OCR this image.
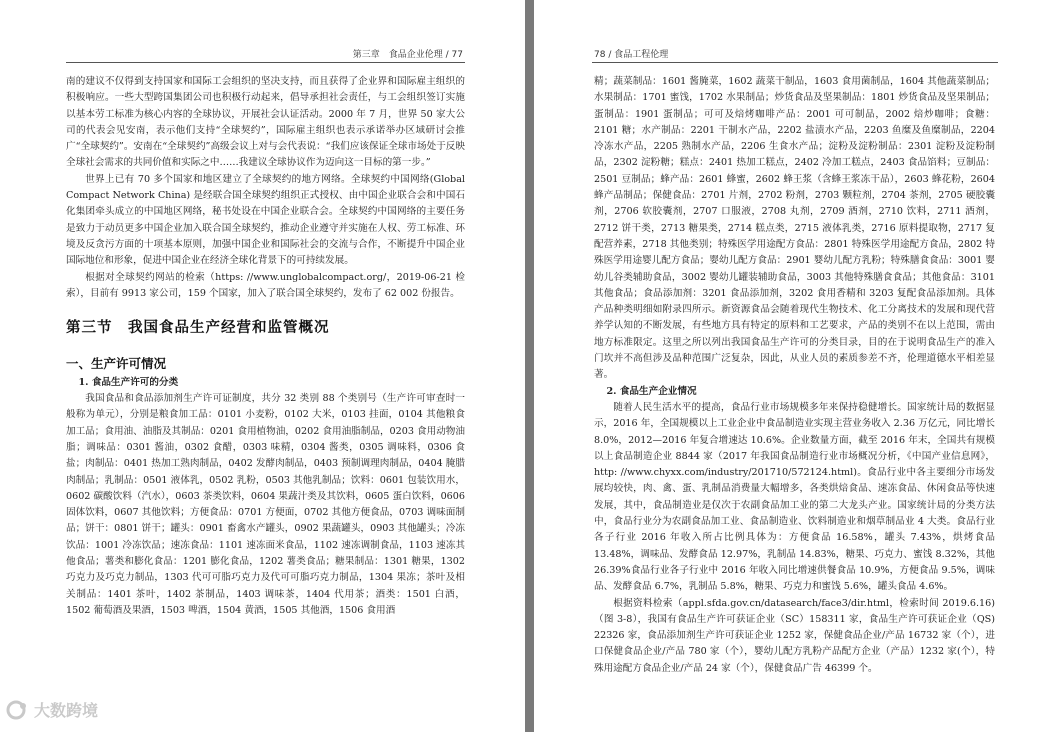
第三章　食品企业伦理 / 77

南的建议不仅得到支持国家和国际工会组织的坚决支持，而且获得了企业界和国际雇主组织的积极响应。一些大型跨国集团公司也积极行动起来，倡导承担社会责任，与工会组织签订实施以基本劳工标准为核心内容的全球协议，开展社会认证活动。2000 年 7 月，世界 50 家大公司的代表会见安南，表示他们支持“全球契约”，国际雇主组织也表示承诺举办区域研讨会推广“全球契约”。安南在“全球契约”高级会议上对与会代表说：“我们应该保证全球市场处于反映全球社会需求的共同价值和实际之中……我建议全球协议作为迈向这一目标的第一步。”

世界上已有 70 多个国家和地区建立了全球契约的地方网络。全球契约中国网络(Global Compact Network China) 是经联合国全球契约组织正式授权、由中国企业联合会和中国石化集团牵头成立的中国地区网络，秘书处设在中国企业联合会。全球契约中国网络的主要任务是致力于动员更多中国企业加入联合国全球契约，推动企业遵守并实施在人权、劳工标准、环境及反贪污方面的十项基本原则，加强中国企业和国际社会的交流与合作，不断提升中国企业国际地位和形象，促进中国企业在经济全球化背景下的可持续发展。

根据对全球契约网站的检索（https: //www.unglobalcompact.org/，2019-06-21 检索），目前有 9913 家公司，159 个国家，加入了联合国全球契约，发布了 62 002 份报告。

第三节　我国食品生产经营和监管概况
一、生产许可情况

1. 食品生产许可的分类

我国食品和食品添加剂生产许可证制度，共分 32 类别 88 个类别号（生产许可审查时一般称为单元），分别是粮食加工品：0101 小麦粉，0102 大米，0103 挂面，0104 其他粮食加工品；食用油、油脂及其制品：0201 食用植物油，0202 食用油脂制品，0203 食用动物油脂；调味品：0301 酱油，0302 食醋，0303 味精，0304 酱类，0305 调味料，0306 食盐；肉制品：0401 热加工熟肉制品，0402 发酵肉制品，0403 预制调理肉制品，0404 腌腊肉制品；乳制品：0501 液体乳，0502 乳粉，0503 其他乳制品；饮料：0601 包装饮用水，0602 碳酸饮料（汽水），0603 茶类饮料，0604 果蔬汁类及其饮料，0605 蛋白饮料，0606 固体饮料，0607 其他饮料；方便食品：0701 方便面，0702 其他方便食品，0703 调味面制品；饼干：0801 饼干；罐头：0901 畜禽水产罐头，0902 果蔬罐头，0903 其他罐头；冷冻饮品：1001 冷冻饮品；速冻食品：1101 速冻面米食品，1102 速冻调制食品，1103 速冻其他食品；薯类和膨化食品：1201 膨化食品，1202 薯类食品；糖果制品：1301 糖果，1302 巧克力及巧克力制品，1303 代可可脂巧克力及代可可脂巧克力制品，1304 果冻；茶叶及相关制品：1401 茶叶，1402 茶制品，1403 调味茶，1404 代用茶；酒类：1501 白酒，1502 葡萄酒及果酒，1503 啤酒，1504 黄酒，1505 其他酒，1506 食用酒

78 / 食品工程伦理

精；蔬菜制品：1601 酱腌菜，1602 蔬菜干制品，1603 食用菌制品，1604 其他蔬菜制品；水果制品：1701 蜜饯，1702 水果制品；炒货食品及坚果制品：1801 炒货食品及坚果制品；蛋制品：1901 蛋制品；可可及焙烤咖啡产品：2001 可可制品，2002 焙炒咖啡；食糖：2101 糖；水产制品：2201 干制水产品，2202 盐渍水产品，2203 鱼糜及鱼糜制品，2204 冷冻水产品，2205 熟制水产品，2206 生食水产品；淀粉及淀粉制品：2301 淀粉及淀粉制品，2302 淀粉糖；糕点：2401 热加工糕点，2402 冷加工糕点，2403 食品馅料；豆制品：2501 豆制品；蜂产品：2601 蜂蜜，2602 蜂王浆（含蜂王浆冻干品），2603 蜂花粉，2604 蜂产品制品；保健食品：2701 片剂，2702 粉剂，2703 颗粒剂，2704 茶剂，2705 硬胶囊剂，2706 软胶囊剂，2707 口服液，2708 丸剂，2709 酒剂，2710 饮料，2711 酒剂，2712 饼干类，2713 糖果类，2714 糕点类，2715 液体乳类，2716 原料提取物，2717 复配营养素，2718 其他类别；特殊医学用途配方食品：2801 特殊医学用途配方食品，2802 特殊医学用途婴儿配方食品；婴幼儿配方食品：2901 婴幼儿配方乳粉；特殊膳食食品：3001 婴幼儿谷类辅助食品，3002 婴幼儿罐装辅助食品，3003 其他特殊膳食食品；其他食品：3101 其他食品；食品添加剂：3201 食品添加剂，3202 食用香精和 3203 复配食品添加剂。具体产品种类明细如附录四所示。新资源食品会随着现代生物技术、化工分离技术的发展和现代营养学认知的不断发展，有些地方具有特定的原料和工艺要求，产品的类别不在以上范围，需由地方标准限定。这里之所以列出我国食品生产许可的分类目录，目的在于说明食品生产的准入门坎并不高但涉及品种范围广泛复杂，因此，从业人员的素质参差不齐，伦理道德水平相差显著。

2. 食品生产企业情况

随着人民生活水平的提高，食品行业市场规模多年来保持稳健增长。国家统计局的数据显示，2016 年，全国规模以上工业企业中食品制造业实现主营业务收入 2.36 万亿元，同比增长 8.0%，2012—2016 年复合增速达 10.6%。企业数量方面，截至 2016 年末，全国共有规模以上食品制造企业 8844 家（2017 年我国食品制造行业市场概况分析，《中国产业信息网》，http: //www.chyxx.com/industry/201710/572124.html)。食品行业中各主要细分市场发展均较快，肉、禽、蛋、乳制品消费量大幅增多，各类烘焙食品、速冻食品、休闲食品等快速发展，其中，食品制造业是仅次于农副食品加工业的第二大龙头产业。国家统计局的分类方法中，食品行业分为农副食品加工业、食品制造业、饮料制造业和烟草制品业 4 大类。食品行业各子行业 2016 年收入所占比例具体为：方便食品 16.58%，罐头 7.43%，烘烤食品 13.48%，调味品、发酵食品 12.97%，乳制品 14.83%，糖果、巧克力、蜜饯 8.32%，其他 26.39%食品行业各子行业中 2016 年收入同比增速供餐食品 10.9%，方便食品 9.5%，调味品、发酵食品 6.7%，乳制品 5.8%，糖果、巧克力和蜜饯 5.6%，罐头食品 4.6%。

根据资料检索（appl.sfda.gov.cn/datasearch/face3/dir.html，检索时间 2019.6.16)（图 3-8），我国有食品生产许可获证企业（SC）158311 家，食品生产许可获证企业（QS) 22326 家，食品添加剂生产许可获证企业 1252 家，保健食品企业/产品 16732 家（个），进口保健食品企业/产品 780 家（个），婴幼儿配方乳粉产品配方企业（产品）1232 家(个），特殊用途配方食品企业/产品 24 家（个），保健食品广告 46399 个。

大数跨境
